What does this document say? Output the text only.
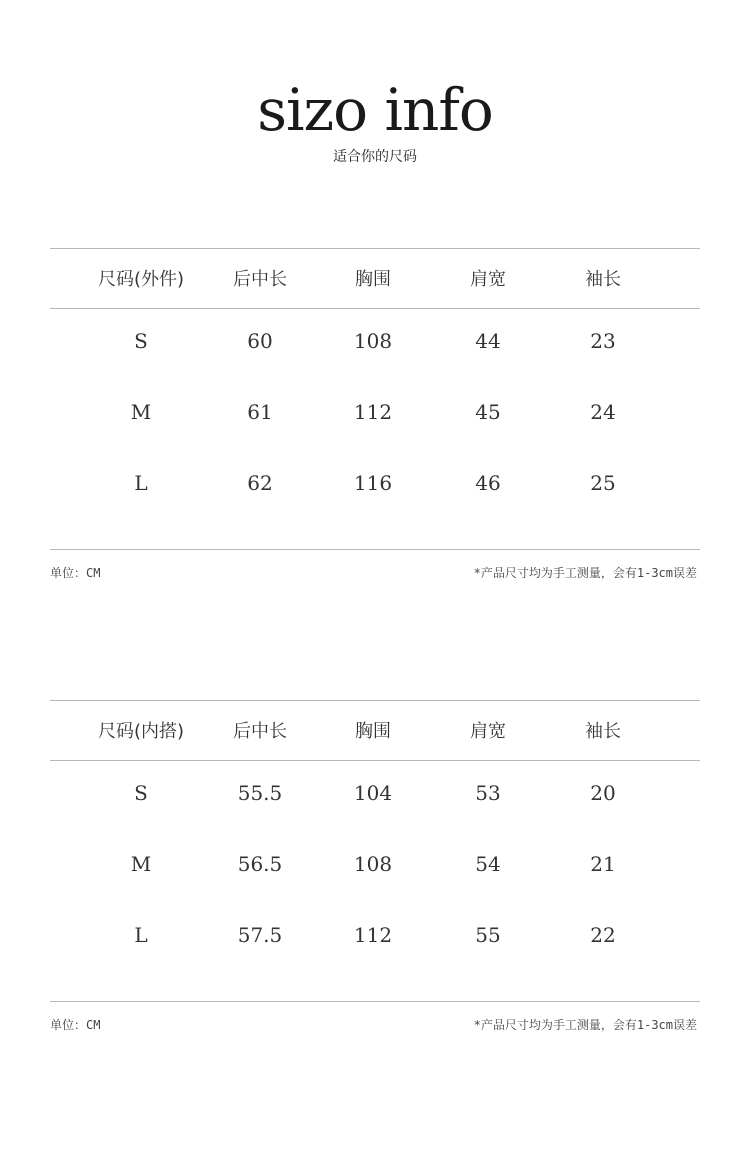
sizo info
适合你的尺码
尺码(外件)	后中长	胸围	肩宽	袖长
S	60	108	44	23
M	61	112	45	24
L	62	116	46	25
单位：CM	*产品尺寸均为手工测量，会有1-3cm误差
尺码(内搭)	后中长	胸围	肩宽	袖长
S	55.5	104	53	20
M	56.5	108	54	21
L	57.5	112	55	22
单位：CM	*产品尺寸均为手工测量，会有1-3cm误差
